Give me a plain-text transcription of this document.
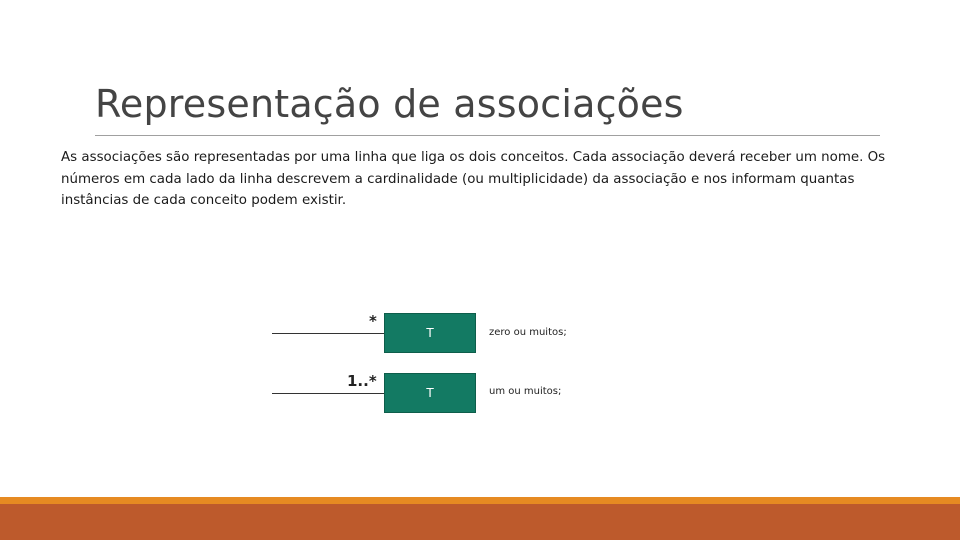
Representação de associações

As associações são representadas por uma linha que liga os dois conceitos. Cada associação deverá receber um nome. Os números em cada lado da linha descrevem a cardinalidade (ou multiplicidade) da associação e nos informam quantas instâncias de cada conceito podem existir.

*
T	zero ou muitos;
1..*
T	um ou muitos;
